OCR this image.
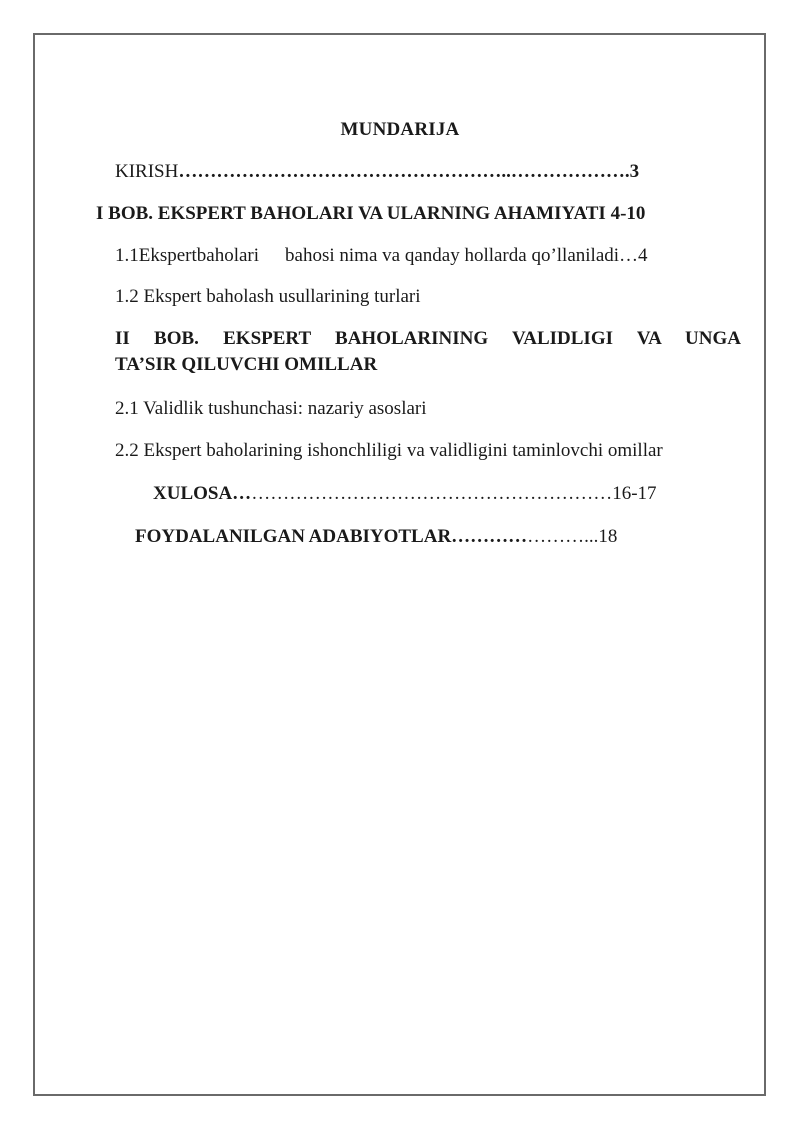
MUNDARIJA
KIRISH……………………………………………..……………….3
I BOB. EKSPERT BAHOLARI VA ULARNING AHAMIYATI 4-10
1.1Ekspertbaholari bahosi nima va qanday hollarda qo’llaniladi…4
1.2 Ekspert baholash usullarining turlari
II BOB. EKSPERT BAHOLARINING VALIDLIGI VA UNGA
TA’SIR QILUVCHI OMILLAR
2.1 Validlik tushunchasi: nazariy asoslari
2.2 Ekspert baholarining ishonchliligi va validligini taminlovchi omillar
XULOSA……………………………………………………16-17
FOYDALANILGAN ADABIYOTLAR…………………...18
